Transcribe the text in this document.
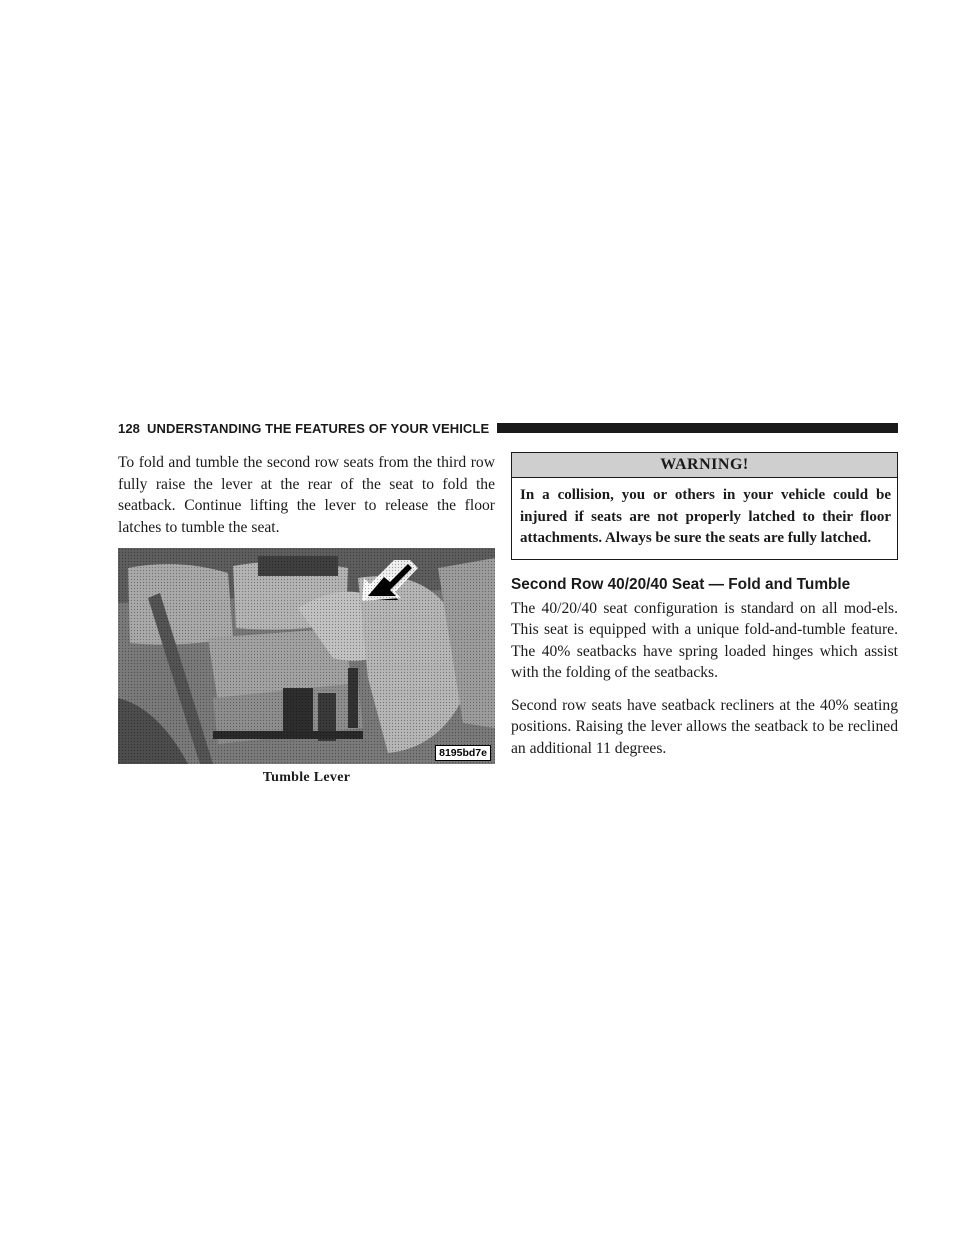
128 UNDERSTANDING THE FEATURES OF YOUR VEHICLE

To fold and tumble the second row seats from the third row fully raise the lever at the rear of the seat to fold the seatback. Continue lifting the lever to release the floor latches to tumble the seat.

8195bd7e
Tumble Lever
WARNING!

In a collision, you or others in your vehicle could be injured if seats are not properly latched to their floor attachments. Always be sure the seats are fully latched.

Second Row 40/20/40 Seat — Fold and Tumble

The 40/20/40 seat configuration is standard on all mod-els. This seat is equipped with a unique fold-and-tumble feature. The 40% seatbacks have spring loaded hinges which assist with the folding of the seatbacks.

Second row seats have seatback recliners at the 40% seating positions. Raising the lever allows the seatback to be reclined an additional 11 degrees.
